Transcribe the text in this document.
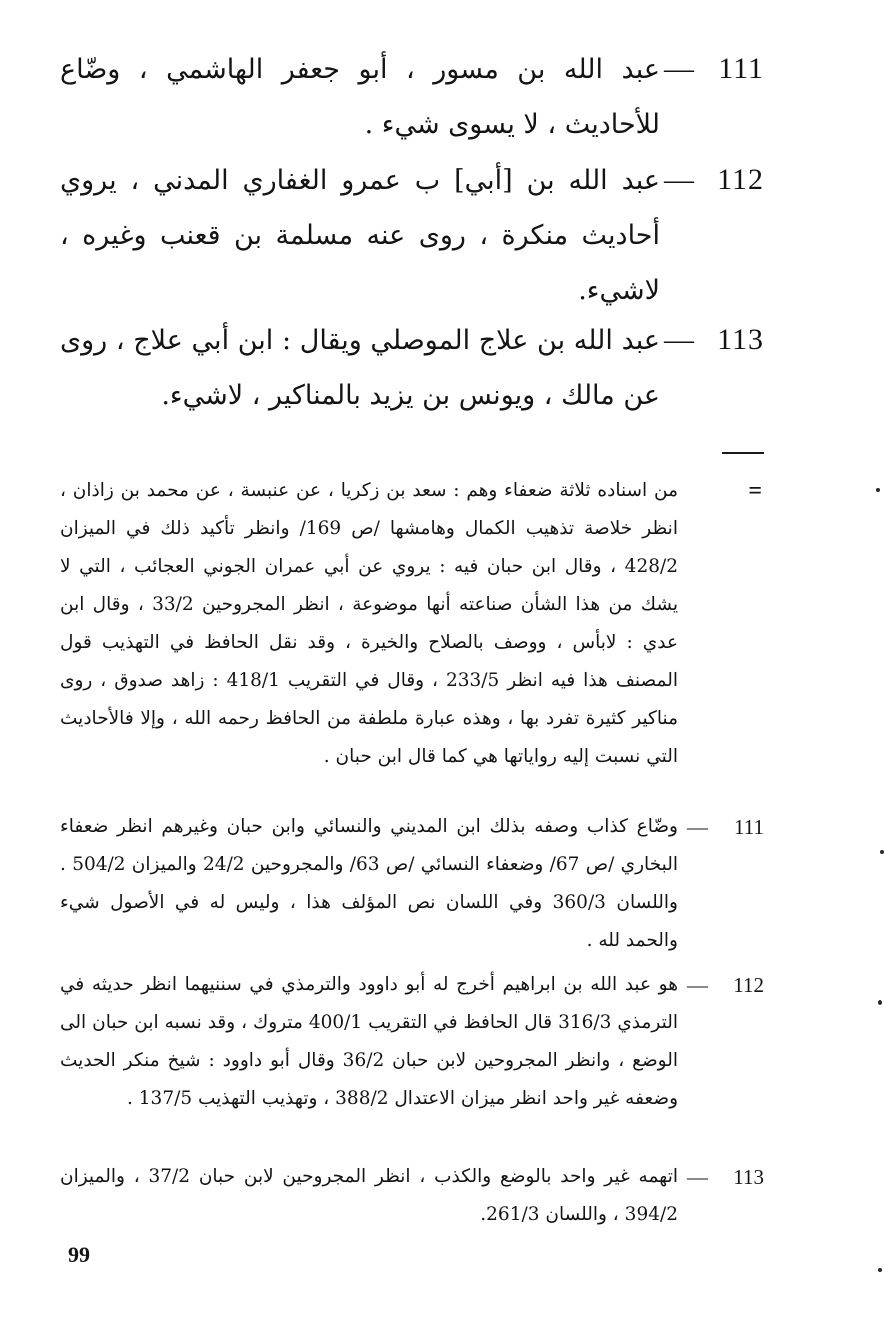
111
—
عبد الله بن مسور ، أبو جعفر الهاشمي ، وضّاع للأحاديث ، لا يسوى شيء .
112
—
عبد الله بن [أبي] ب عمرو الغفاري المدني ، يروي أحاديث منكرة ، روى عنه مسلمة بن قعنب وغيره ، لاشيء.
113
—
عبد الله بن علاج الموصلي ويقال : ابن أبي علاج ، روى عن مالك ، ويونس بن يزيد بالمناكير ، لاشيء.
=
من اسناده ثلاثة ضعفاء وهم : سعد بن زكريا ، عن عنبسة ، عن محمد بن زاذان ، انظر خلاصة تذهيب الكمال وهامشها /ص 169/ وانظر تأكيد ذلك في الميزان 428/2 ، وقال ابن حبان فيه : يروي عن أبي عمران الجوني العجائب ، التي لا يشك من هذا الشأن صناعته أنها موضوعة ، انظر المجروحين 33/2 ، وقال ابن عدي : لابأس ، ووصف بالصلاح والخيرة ، وقد نقل الحافظ في التهذيب قول المصنف هذا فيه انظر 233/5 ، وقال في التقريب 418/1 : زاهد صدوق ، روى مناكير كثيرة تفرد بها ، وهذه عبارة ملطفة من الحافظ رحمه الله ، وإلا فالأحاديث التي نسبت إليه رواياتها هي كما قال ابن حبان .
111
—
وضّاع كذاب وصفه بذلك ابن المديني والنسائي وابن حبان وغيرهم انظر ضعفاء البخاري /ص 67/ وضعفاء النسائي /ص 63/ والمجروحين 24/2 والميزان 504/2 . واللسان 360/3 وفي اللسان نص المؤلف هذا ، وليس له في الأصول شيء والحمد لله .
112
—
هو عبد الله بن ابراهيم أخرج له أبو داوود والترمذي في سننيهما انظر حديثه في الترمذي 316/3 قال الحافظ في التقريب 400/1 متروك ، وقد نسبه ابن حبان الى الوضع ، وانظر المجروحين لابن حبان 36/2 وقال أبو داوود : شيخ منكر الحديث وضعفه غير واحد انظر ميزان الاعتدال 388/2 ، وتهذيب التهذيب 137/5 .
113
—
اتهمه غير واحد بالوضع والكذب ، انظر المجروحين لابن حبان 37/2 ، والميزان 394/2 ، واللسان 261/3.
99
